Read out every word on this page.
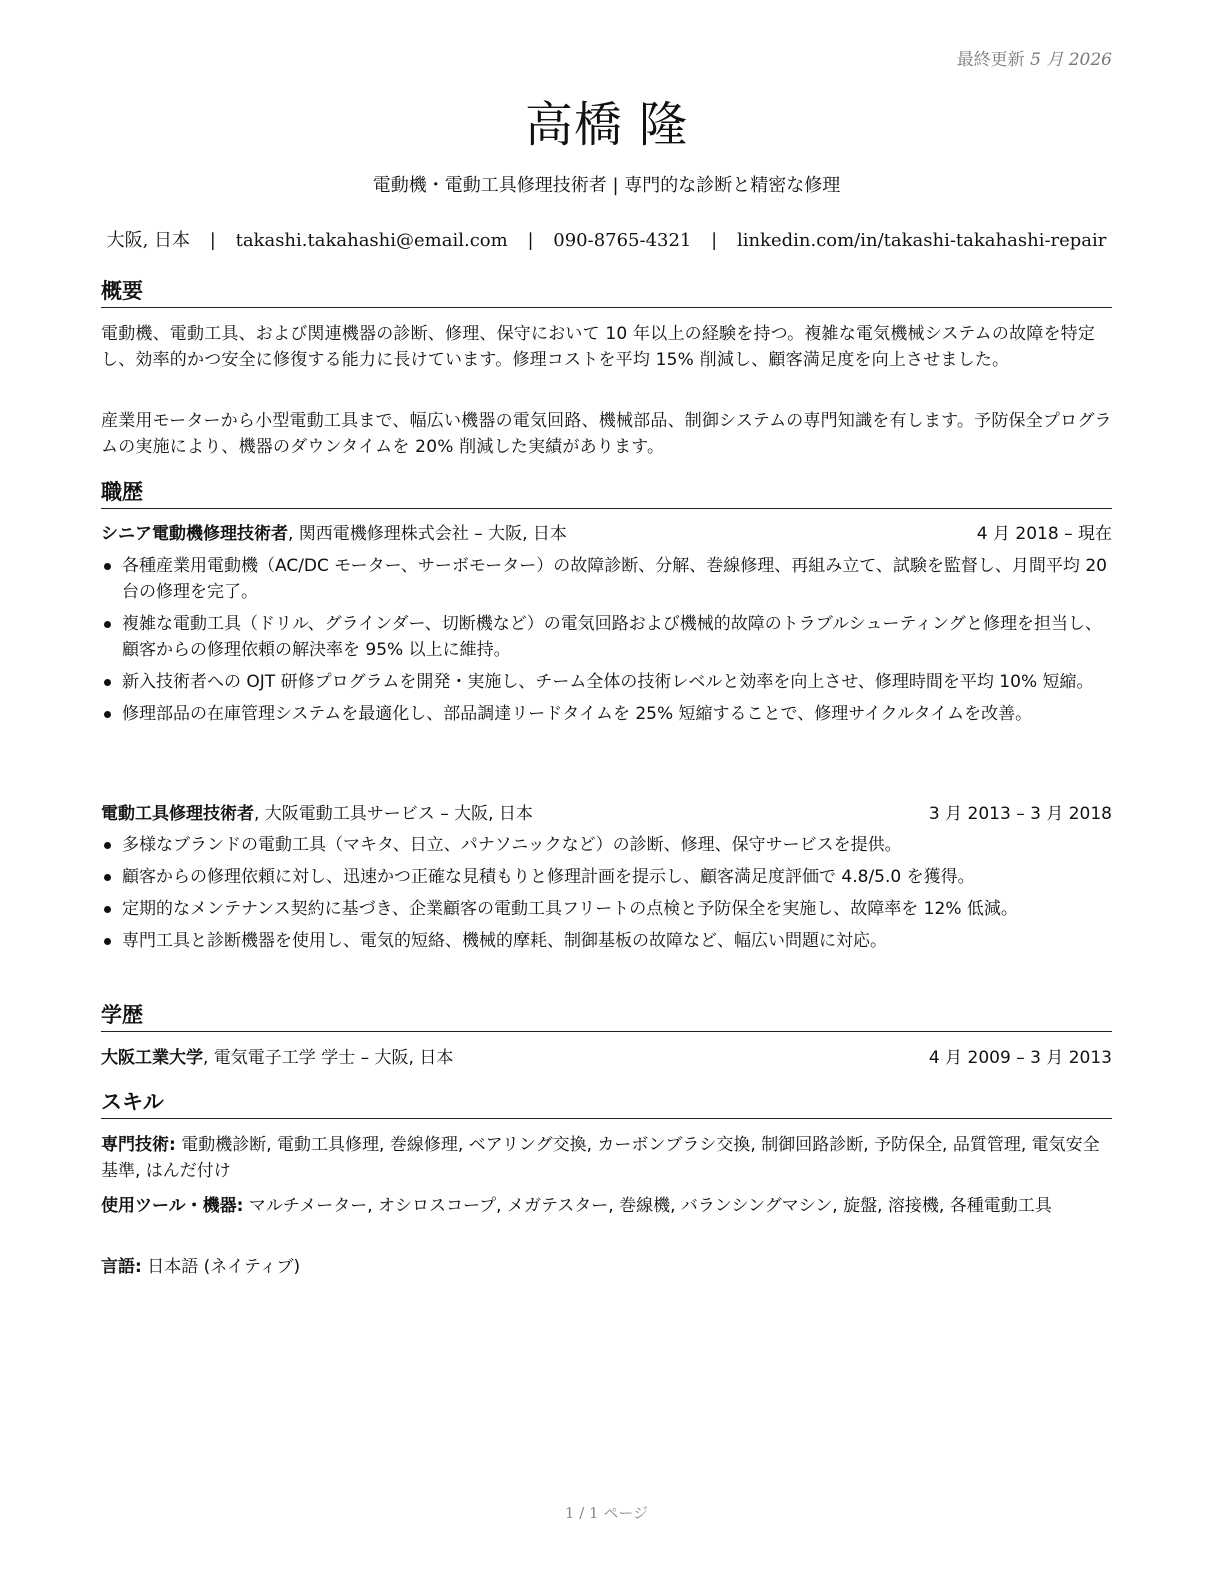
最終更新 5 月 2026
高橋 隆
電動機・電動工具修理技術者 | 専門的な診断と精密な修理
大阪, 日本 | takashi.takahashi@email.com | 090-8765-4321 | linkedin.com/in/takashi-takahashi-repair
概要
電動機、電動工具、および関連機器の診断、修理、保守において 10 年以上の経験を持つ。複雑な電気機械システムの故障を特定し、効率的かつ安全に修復する能力に長けています。修理コストを平均 15% 削減し、顧客満足度を向上させました。
産業用モーターから小型電動工具まで、幅広い機器の電気回路、機械部品、制御システムの専門知識を有します。予防保全プログラムの実施により、機器のダウンタイムを 20% 削減した実績があります。
職歴
シニア電動機修理技術者, 関西電機修理株式会社 – 大阪, 日本	4 月 2018 – 現在
各種産業用電動機（AC/DC モーター、サーボモーター）の故障診断、分解、巻線修理、再組み立て、試験を監督し、月間平均 20 台の修理を完了。
複雑な電動工具（ドリル、グラインダー、切断機など）の電気回路および機械的故障のトラブルシューティングと修理を担当し、顧客からの修理依頼の解決率を 95% 以上に維持。
新入技術者への OJT 研修プログラムを開発・実施し、チーム全体の技術レベルと効率を向上させ、修理時間を平均 10% 短縮。
修理部品の在庫管理システムを最適化し、部品調達リードタイムを 25% 短縮することで、修理サイクルタイムを改善。
電動工具修理技術者, 大阪電動工具サービス – 大阪, 日本	3 月 2013 – 3 月 2018
多様なブランドの電動工具（マキタ、日立、パナソニックなど）の診断、修理、保守サービスを提供。
顧客からの修理依頼に対し、迅速かつ正確な見積もりと修理計画を提示し、顧客満足度評価で 4.8/5.0 を獲得。
定期的なメンテナンス契約に基づき、企業顧客の電動工具フリートの点検と予防保全を実施し、故障率を 12% 低減。
専門工具と診断機器を使用し、電気的短絡、機械的摩耗、制御基板の故障など、幅広い問題に対応。
学歴
大阪工業大学, 電気電子工学 学士 – 大阪, 日本	4 月 2009 – 3 月 2013
スキル
専門技術: 電動機診断, 電動工具修理, 巻線修理, ベアリング交換, カーボンブラシ交換, 制御回路診断, 予防保全, 品質管理, 電気安全基準, はんだ付け
使用ツール・機器: マルチメーター, オシロスコープ, メガテスター, 巻線機, バランシングマシン, 旋盤, 溶接機, 各種電動工具
言語: 日本語 (ネイティブ)
1 / 1 ページ
